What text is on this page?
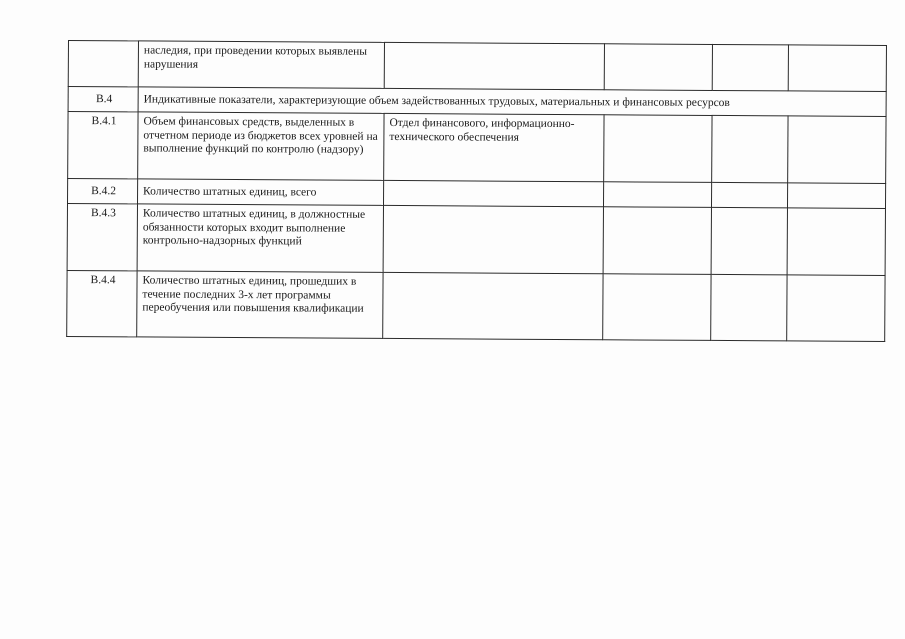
	наследия, при проведении которых выявлены нарушения				

В.4	Индикативные показатели, характеризующие объем задействованных трудовых, материальных и финансовых ресурсов				
В.4.1	Объем финансовых средств, выделенных в отчетном периоде из бюджетов всех уровней на выполнение функций по контролю (надзору)	Отдел финансового, информационно-технического обеспечения			

В.4.2	Количество штатных единиц, всего				

В.4.3	Количество штатных единиц, в должностные обязанности которых входит выполнение контрольно-надзорных функций				

В.4.4	Количество штатных единиц, прошедших в течение последних 3-х лет программы переобучения или повышения квалификации				
